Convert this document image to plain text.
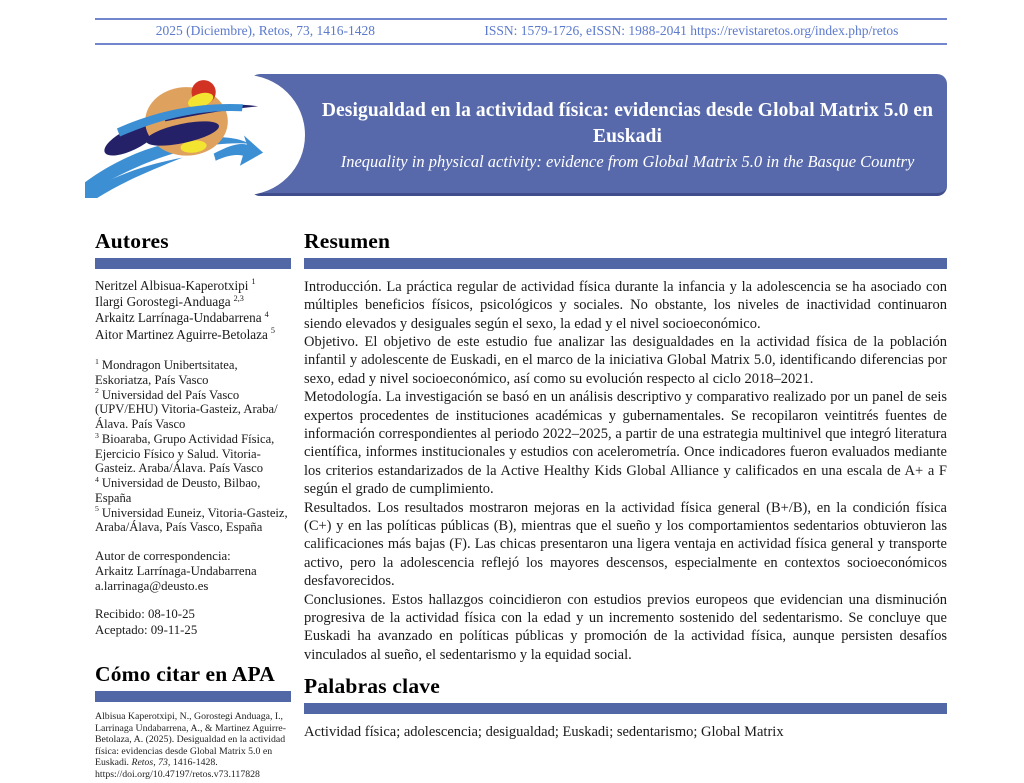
2025 (Diciembre), Retos, 73, 1416-1428	ISSN: 1579-1726, eISSN: 1988-2041 https://revistaretos.org/index.php/retos
Desigualdad en la actividad física: evidencias desde Global Matrix 5.0 en Euskadi
Inequality in physical activity: evidence from Global Matrix 5.0 in the Basque Country
Autores
Neritzel Albisua-Kaperotxipi $^1$
Ilargi Gorostegi-Anduaga $^{2,3}$
Arkaitz Larrínaga-Undabarrena $^4$
Aitor Martinez Aguirre-Betolaza $^5$
$^1$ Mondragon Unibertsitatea, Eskoriatza, País Vasco
$^2$ Universidad del País Vasco (UPV/EHU) Vitoria-Gasteiz, Araba/Álava. País Vasco
$^3$ Bioaraba, Grupo Actividad Física, Ejercicio Físico y Salud. Vitoria-Gasteiz. Araba/Álava. País Vasco
$^4$ Universidad de Deusto, Bilbao, España
$^5$ Universidad Euneiz, Vitoria-Gasteiz, Araba/Álava, País Vasco, España
Autor de correspondencia:
Arkaitz Larrínaga-Undabarrena
a.larrinaga@deusto.es
Recibido: 08-10-25
Aceptado: 09-11-25
Cómo citar en APA
Albisua Kaperotxipi, N., Gorostegi Anduaga, I., Larrinaga Undabarrena, A., & Martinez Aguirre-Betolaza, A. (2025). Desigualdad en la actividad física: evidencias desde Global Matrix 5.0 en Euskadi. Retos, 73, 1416-1428.
https://doi.org/10.47197/retos.v73.117828
Resumen

Introducción. La práctica regular de actividad física durante la infancia y la adolescencia se ha asociado con múltiples beneficios físicos, psicológicos y sociales. No obstante, los niveles de inactividad continuaron siendo elevados y desiguales según el sexo, la edad y el nivel socioeconómico.

Objetivo. El objetivo de este estudio fue analizar las desigualdades en la actividad física de la población infantil y adolescente de Euskadi, en el marco de la iniciativa Global Matrix 5.0, identificando diferencias por sexo, edad y nivel socioeconómico, así como su evolución respecto al ciclo 2018–2021.

Metodología. La investigación se basó en un análisis descriptivo y comparativo realizado por un panel de seis expertos procedentes de instituciones académicas y gubernamentales. Se recopilaron veintitrés fuentes de información correspondientes al periodo 2022–2025, a partir de una estrategia multinivel que integró literatura científica, informes institucionales y estudios con acelerometría. Once indicadores fueron evaluados mediante los criterios estandarizados de la Active Healthy Kids Global Alliance y calificados en una escala de A+ a F según el grado de cumplimiento.

Resultados. Los resultados mostraron mejoras en la actividad física general (B+/B), en la condición física (C+) y en las políticas públicas (B), mientras que el sueño y los comportamientos sedentarios obtuvieron las calificaciones más bajas (F). Las chicas presentaron una ligera ventaja en actividad física general y transporte activo, pero la adolescencia reflejó los mayores descensos, especialmente en contextos socioeconómicos desfavorecidos.

Conclusiones. Estos hallazgos coincidieron con estudios previos europeos que evidencian una disminución progresiva de la actividad física con la edad y un incremento sostenido del sedentarismo. Se concluye que Euskadi ha avanzado en políticas públicas y promoción de la actividad física, aunque persisten desafíos vinculados al sueño, el sedentarismo y la equidad social.

Palabras clave
Actividad física; adolescencia; desigualdad; Euskadi; sedentarismo; Global Matrix
